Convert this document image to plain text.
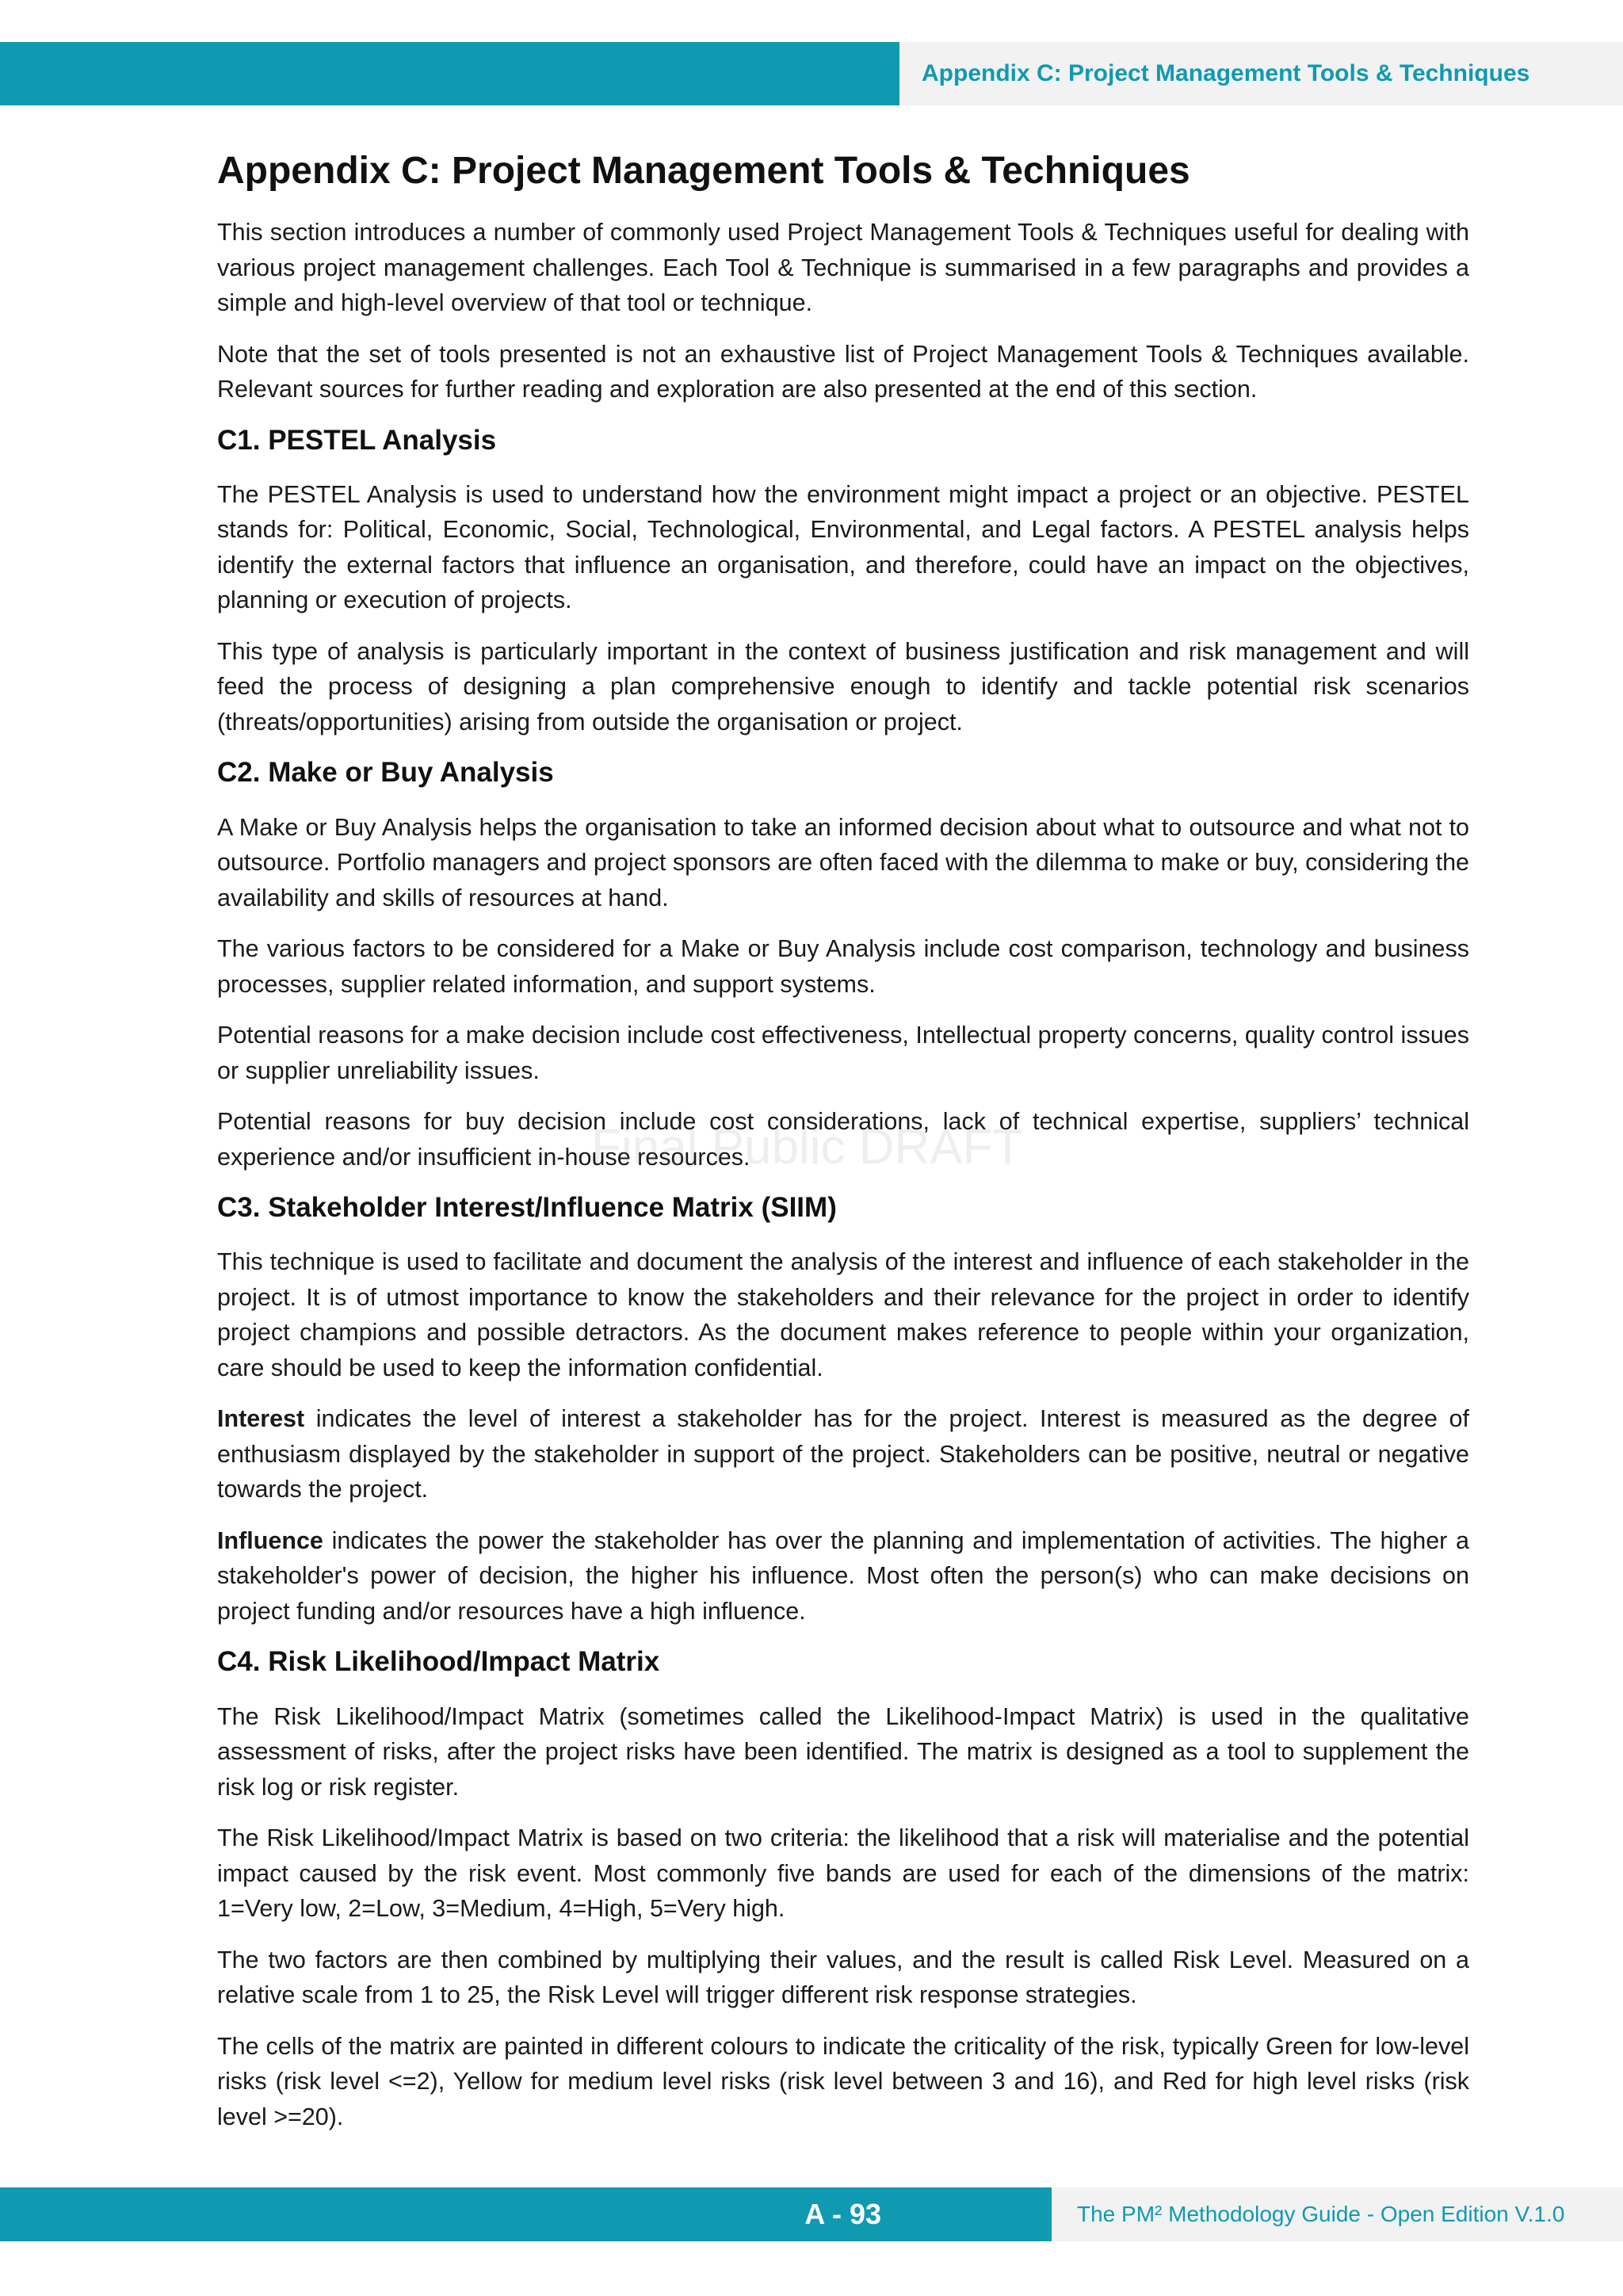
Appendix C: Project Management Tools & Techniques
Appendix C: Project Management Tools & Techniques

This section introduces a number of commonly used Project Management Tools & Techniques useful for dealing with various project management challenges. Each Tool & Technique is summarised in a few paragraphs and provides a simple and high-level overview of that tool or technique.

Note that the set of tools presented is not an exhaustive list of Project Management Tools & Techniques available. Relevant sources for further reading and exploration are also presented at the end of this section.

C1. PESTEL Analysis

The PESTEL Analysis is used to understand how the environment might impact a project or an objective. PESTEL stands for: Political, Economic, Social, Technological, Environmental, and Legal factors. A PESTEL analysis helps identify the external factors that influence an organisation, and therefore, could have an impact on the objectives, planning or execution of projects.

This type of analysis is particularly important in the context of business justification and risk management and will feed the process of designing a plan comprehensive enough to identify and tackle potential risk scenarios (threats/opportunities) arising from outside the organisation or project.

C2. Make or Buy Analysis

A Make or Buy Analysis helps the organisation to take an informed decision about what to outsource and what not to outsource. Portfolio managers and project sponsors are often faced with the dilemma to make or buy, considering the availability and skills of resources at hand.

The various factors to be considered for a Make or Buy Analysis include cost comparison, technology and business processes, supplier related information, and support systems.

Potential reasons for a make decision include cost effectiveness, Intellectual property concerns, quality control issues or supplier unreliability issues.

Potential reasons for buy decision include cost considerations, lack of technical expertise, suppliers’ technical experience and/or insufficient in-house resources.

C3. Stakeholder Interest/Influence Matrix (SIIM)

This technique is used to facilitate and document the analysis of the interest and influence of each stakeholder in the project. It is of utmost importance to know the stakeholders and their relevance for the project in order to identify project champions and possible detractors. As the document makes reference to people within your organization, care should be used to keep the information confidential.

Interest indicates the level of interest a stakeholder has for the project. Interest is measured as the degree of enthusiasm displayed by the stakeholder in support of the project. Stakeholders can be positive, neutral or negative towards the project.

Influence indicates the power the stakeholder has over the planning and implementation of activities. The higher a stakeholder's power of decision, the higher his influence. Most often the person(s) who can make decisions on project funding and/or resources have a high influence.

C4. Risk Likelihood/Impact Matrix

The Risk Likelihood/Impact Matrix (sometimes called the Likelihood-Impact Matrix) is used in the qualitative assessment of risks, after the project risks have been identified. The matrix is designed as a tool to supplement the risk log or risk register.

The Risk Likelihood/Impact Matrix is based on two criteria: the likelihood that a risk will materialise and the potential impact caused by the risk event. Most commonly five bands are used for each of the dimensions of the matrix: 1=Very low, 2=Low, 3=Medium, 4=High, 5=Very high.

The two factors are then combined by multiplying their values, and the result is called Risk Level. Measured on a relative scale from 1 to 25, the Risk Level will trigger different risk response strategies.

The cells of the matrix are painted in different colours to indicate the criticality of the risk, typically Green for low-level risks (risk level <=2), Yellow for medium level risks (risk level between 3 and 16), and Red for high level risks (risk level >=20).

Final Public DRAFT
A - 93	The PM² Methodology Guide - Open Edition V.1.0
